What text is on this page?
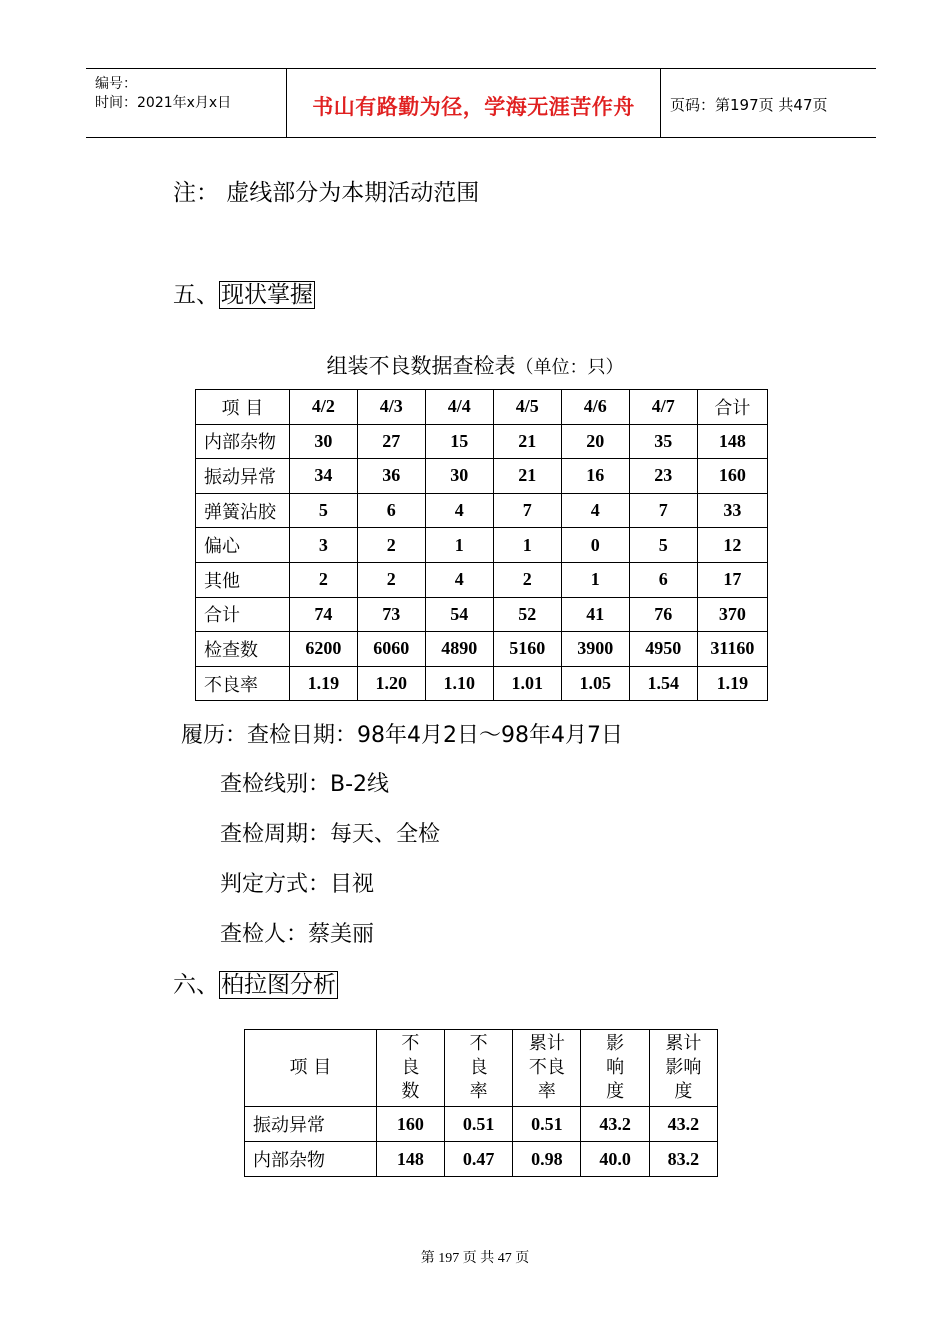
编号：
时间：2021年x月x日	书山有路勤为径，学海无涯苦作舟	页码：第197页 共47页
注： 虚线部分为本期活动范围
五、现状掌握
组装不良数据查检表（单位：只）
项 目	4/2	4/3	4/4	4/5	4/6	4/7	合计
内部杂物	30	27	15	21	20	35	148
振动异常	34	36	30	21	16	23	160
弹簧沾胶	5	6	4	7	4	7	33
偏心	3	2	1	1	0	5	12
其他	2	2	4	2	1	6	17
合计	74	73	54	52	41	76	370
检查数	6200	6060	4890	5160	3900	4950	31160
不良率	1.19	1.20	1.10	1.01	1.05	1.54	1.19
履历：查检日期：98年4月2日～98年4月7日
查检线别：B-2线
查检周期：每天、全检
判定方式：目视
查检人：蔡美丽
六、柏拉图分析
项 目	不
良
数	不
良
率	累计
不良
率	影
响
度	累计
影响
度

振动异常	160	0.51	0.51	43.2	43.2
内部杂物	148	0.47	0.98	40.0	83.2
第 197 页 共 47 页
